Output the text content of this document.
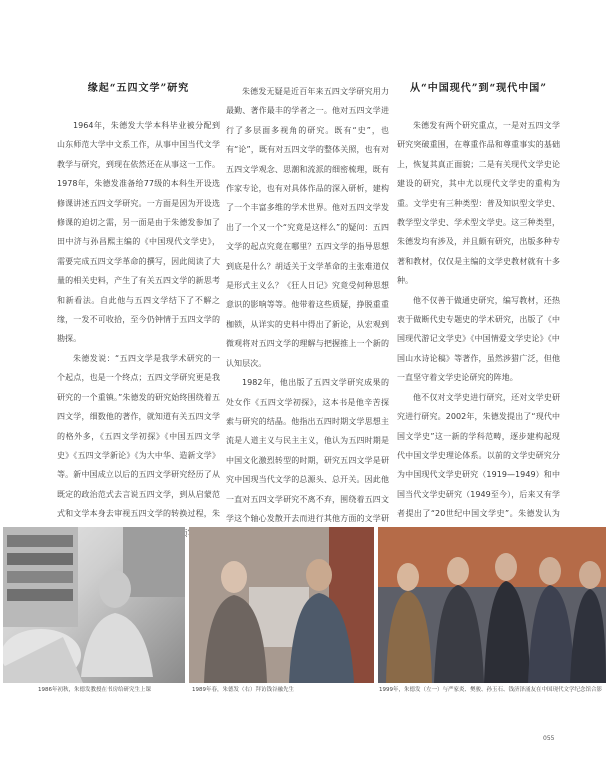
缘起“五四文学”研究

1964年，朱德发大学本科毕业被分配到山东师范大学中文系工作，从事中国当代文学教学与研究，到现在依然还在从事这一工作。1978年，朱德发准备给77级的本科生开设选修课讲述五四文学研究。一方面是因为开设选修课的迫切之需，另一面是由于朱德发参加了田中济与孙昌熙主编的《中国现代文学史》，需要完成五四文学革命的撰写，因此阅读了大量的相关史料，产生了有关五四文学的新思考和新看法。自此他与五四文学结下了不解之缘，一发不可收拾，至今仍钟情于五四文学的勘探。

朱德发说：“五四文学是我学术研究的一个起点，也是一个终点；五四文学研究更是我研究的一个重镇。”朱德发的研究始终围绕着五四文学，细数他的著作，就知道有关五四文学的格外多，《五四文学初探》《中国五四文学史》《五四文学新论》《为大中华、造新文学》等。新中国成立以后的五四文学研究经历了从既定的政治范式去言说五四文学，到从启蒙范式和文学本身去审视五四文学的转换过程，朱

朱德发无疑是近百年来五四文学研究用力最勤、著作最丰的学者之一。他对五四文学进行了多层面多视角的研究。既有“史”，也有“论”，既有对五四文学的整体关照，也有对五四文学观念、思潮和流派的细密梳理，既有作家专论，也有对具体作品的深入研析，建构了一个丰富多维的学术世界。他对五四文学发出了一个又一个“究竟是这样么”的疑问：五四文学的起点究竟在哪里？五四文学的指导思想到底是什么？胡适关于文学革命的主张难道仅是形式主义么？《狂人日记》究竟受何种思想意识的影响等等。他带着这些质疑，挣脱重重枷锁，从详实的史料中得出了新论，从宏观到微观将对五四文学的理解与把握推上一个新的认知层次。

1982年，他出版了五四文学研究成果的处女作《五四文学初探》，这本书是他辛苦探索与研究的结晶。他指出五四时期文学思想主流是人道主义与民主主义，他认为五四时期是中国文化激烈转型的时期，研究五四文学是研究中国现当代文学的总源头、总开关。因此他一直对五四文学研究不离不弃，围绕着五四文学这个轴心发散开去而进行其他方面的文学研

从“中国现代”到“现代中国”

朱德发有两个研究重点，一是对五四文学研究突破重围，在尊重作品和尊重事实的基础上，恢复其真正面貌；二是有关现代文学史论建设的研究，其中尤以现代文学史的重构为重。文学史有三种类型：普及知识型文学史、教学型文学史、学术型文学史。这三种类型，朱德发均有涉及，并且颇有研究，出版多种专著和教材，仅仅是主编的文学史教材就有十多种。

他不仅善于做通史研究，编写教材，还热衷于做断代史专题史的学术研究，出版了《中国现代游记文学史》《中国情爱文学史论》《中国山水诗论稿》等著作，虽然涉猎广泛，但他一直坚守着文学史论研究的阵地。

他不仅对文学史进行研究，还对文学史研究进行研究。2002年，朱德发提出了“现代中国文学史”这一新的学科范畴，逐步建构起现代中国文学史理论体系。以前的文学史研究分为中国现代文学史研究（1919—1949）和中国当代文学史研究（1949至今），后来又有学者提出了“20世纪中国文学史”。朱德发认为

1986年初秋，朱德发教授在书房给研究生上课	1989年春，朱德发（右）拜访钱谷融先生	1999年，朱德发（左一）与严家炎、樊骏、孙玉石、钱济泽涌友在中国现代文学纪念馆合影
055
